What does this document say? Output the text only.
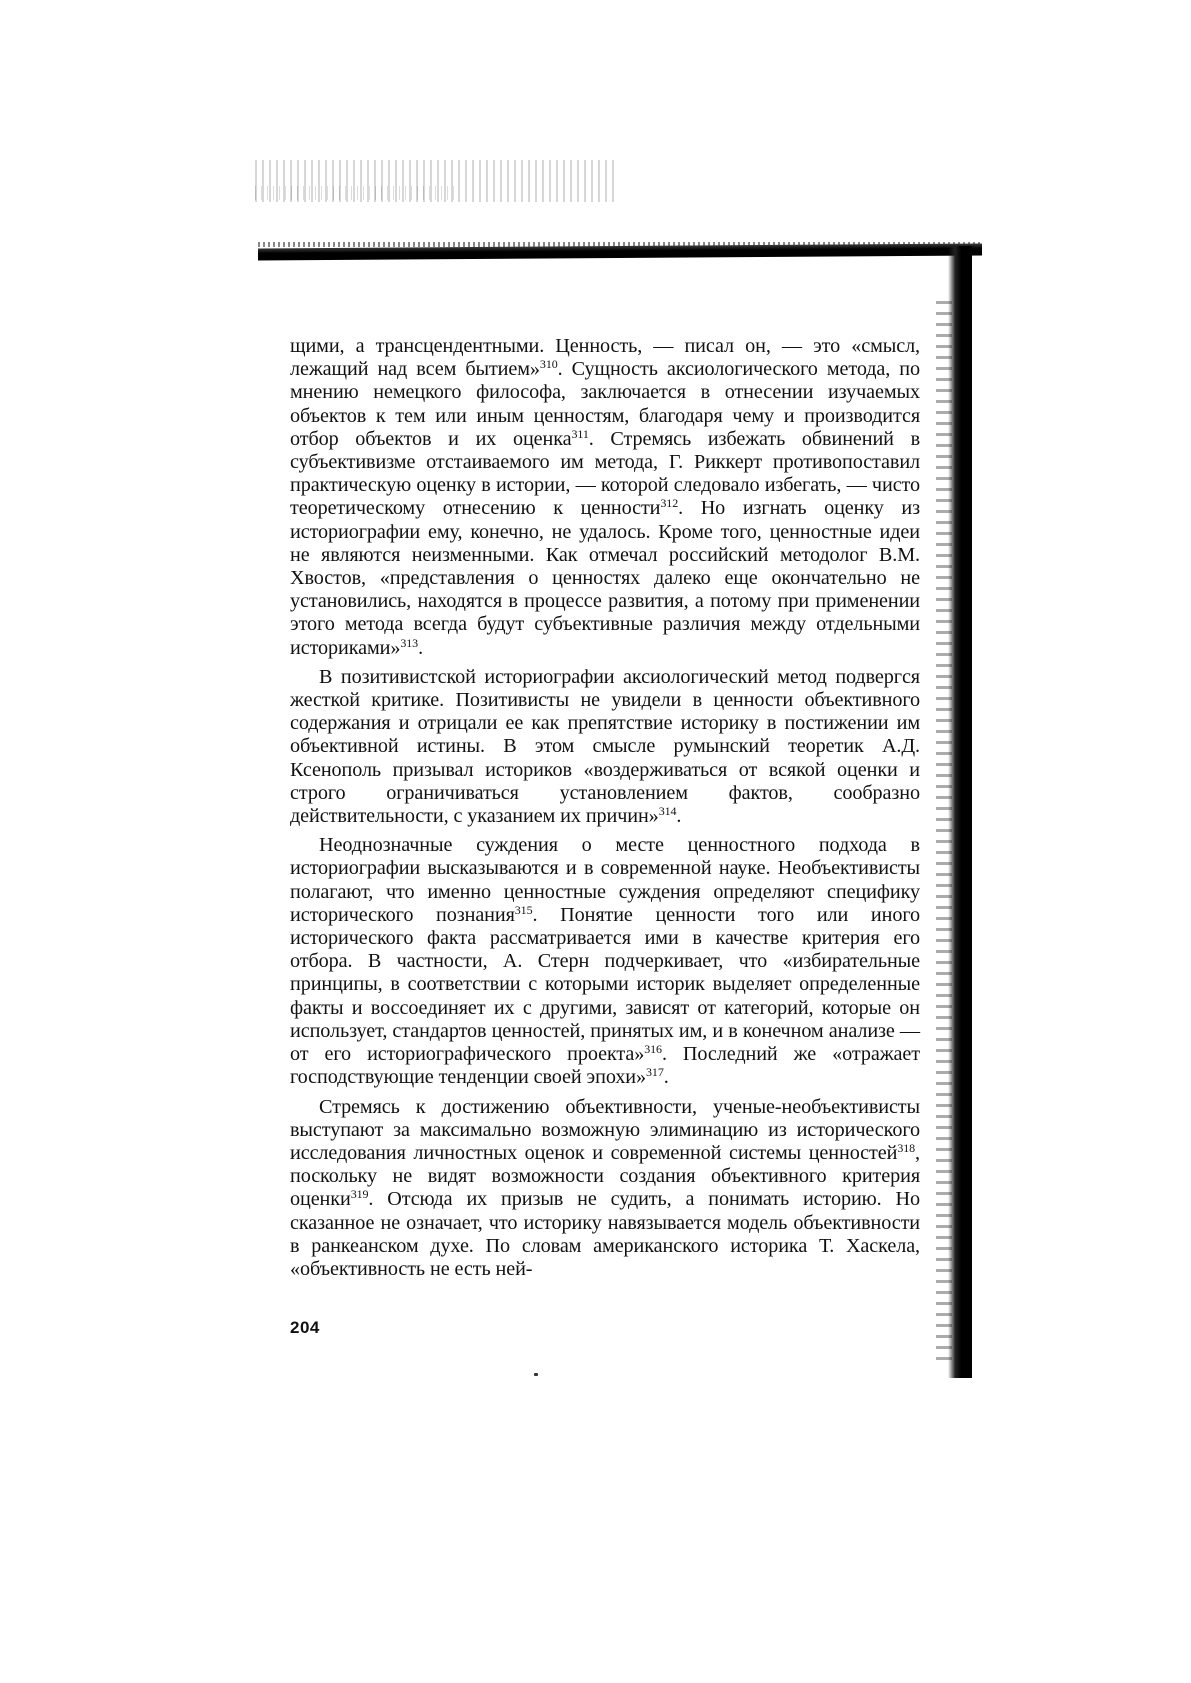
щими, а трансцендентными. Ценность, — писал он, — это «смысл, лежащий над всем бытием»$^{310}$. Сущность аксиологического метода, по мнению немецкого философа, заключается в отнесении изучаемых объектов к тем или иным ценностям, благодаря чему и производится отбор объектов и их оценка$^{311}$. Стремясь избежать обвинений в субъективизме отстаиваемого им метода, Г. Риккерт противопоставил практическую оценку в истории, — которой следовало избегать, — чисто теоретическому отнесению к ценности$^{312}$. Но изгнать оценку из историографии ему, конечно, не удалось. Кроме того, ценностные идеи не являются неизменными. Как отмечал российский методолог В.М. Хвостов, «представления о ценностях далеко еще окончательно не установились, находятся в процессе развития, а потому при применении этого метода всегда будут субъективные различия между отдельными историками»$^{313}$.

В позитивистской историографии аксиологический метод подвергся жесткой критике. Позитивисты не увидели в ценности объективного содержания и отрицали ее как препятствие историку в постижении им объективной истины. В этом смысле румынский теоретик А.Д. Ксенополь призывал историков «воздерживаться от всякой оценки и строго ограничиваться установлением фактов, сообразно действительности, с указанием их причин»$^{314}$.

Неоднозначные суждения о месте ценностного подхода в историографии высказываются и в современной науке. Необъективисты полагают, что именно ценностные суждения определяют специфику исторического познания$^{315}$. Понятие ценности того или иного исторического факта рассматривается ими в качестве критерия его отбора. В частности, А. Стерн подчеркивает, что «избирательные принципы, в соответствии с которыми историк выделяет определенные факты и воссоединяет их с другими, зависят от категорий, которые он использует, стандартов ценностей, принятых им, и в конечном анализе — от его историографического проекта»$^{316}$. Последний же «отражает господствующие тенденции своей эпохи»$^{317}$.

Стремясь к достижению объективности, ученые-необъективисты выступают за максимально возможную элиминацию из исторического исследования личностных оценок и современной системы ценностей$^{318}$, поскольку не видят возможности создания объективного критерия оценки$^{319}$. Отсюда их призыв не судить, а понимать историю. Но сказанное не означает, что историку навязывается модель объективности в ранкеанском духе. По словам американского историка Т. Хаскела, «объективность не есть ней-

204
